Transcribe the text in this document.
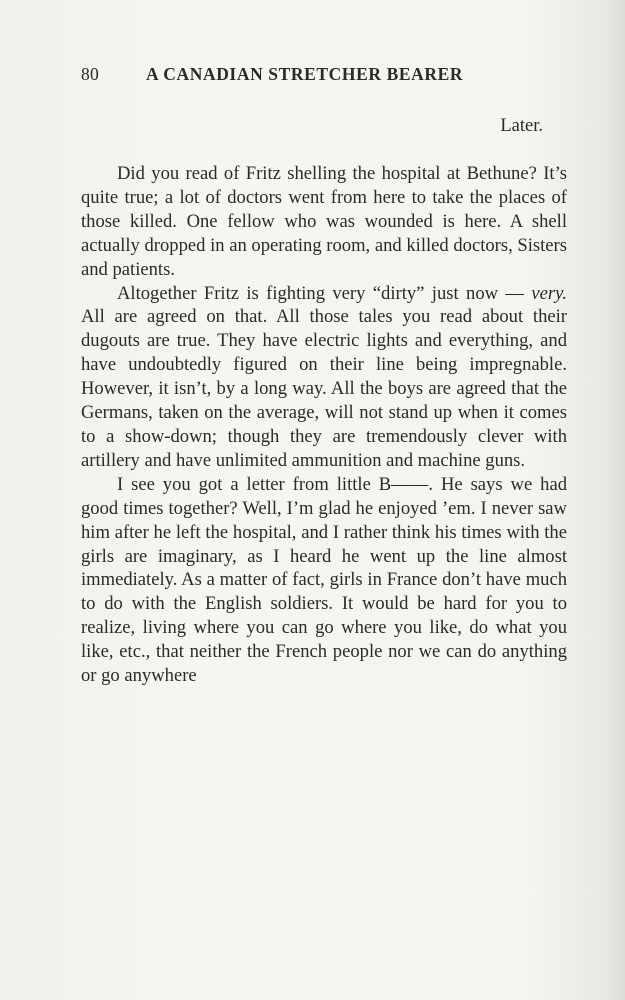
80	A CANADIAN STRETCHER BEARER
Later.

Did you read of Fritz shelling the hospital at Bethune? It’s quite true; a lot of doctors went from here to take the places of those killed. One fellow who was wounded is here. A shell actually dropped in an operating room, and killed doctors, Sisters and patients.

Altogether Fritz is fighting very “dirty” just now — very. All are agreed on that. All those tales you read about their dugouts are true. They have electric lights and everything, and have undoubtedly figured on their line being impregnable. However, it isn’t, by a long way. All the boys are agreed that the Germans, taken on the average, will not stand up when it comes to a show-down; though they are tremendously clever with artillery and have unlimited ammunition and machine guns.

I see you got a letter from little B——. He says we had good times together? Well, I’m glad he enjoyed ’em. I never saw him after he left the hospital, and I rather think his times with the girls are imaginary, as I heard he went up the line almost immediately. As a matter of fact, girls in France don’t have much to do with the English soldiers. It would be hard for you to realize, living where you can go where you like, do what you like, etc., that neither the French people nor we can do anything or go anywhere
